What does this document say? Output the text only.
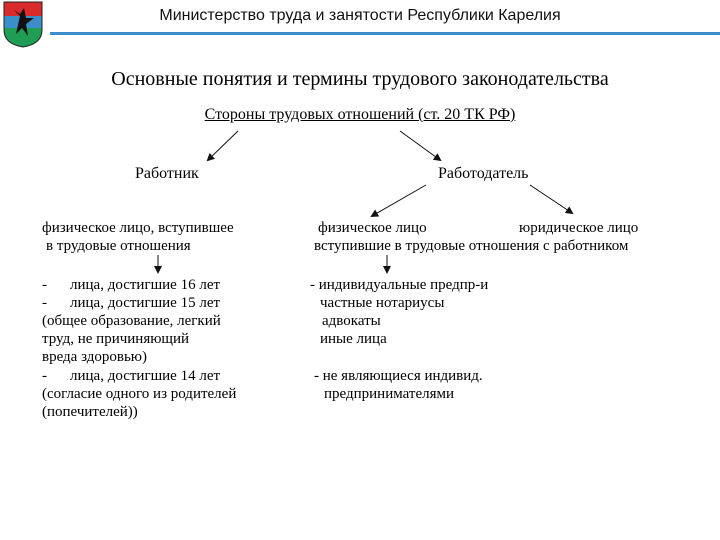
Министерство труда и занятости Республики Карелия
Основные понятия и термины трудового законодательства
Стороны трудовых отношений (ст. 20 ТК РФ)
Работник	Работодатель
физическое лицо, вступившее
в трудовые отношения
физическое лицо	юридическое лицо
вступившие в трудовые отношения с работником
- лица, достигшие 16 лет
- лица, достигшие 15 лет
(общее образование, легкий
труд, не причиняющий
вреда здоровью)
- лица, достигшие 14 лет
(согласие одного из родителей
(попечителей))
- индивидуальные предпр-и
частные нотариусы
адвокаты
иные лица
- не являющиеся индивид.
предпринимателями
